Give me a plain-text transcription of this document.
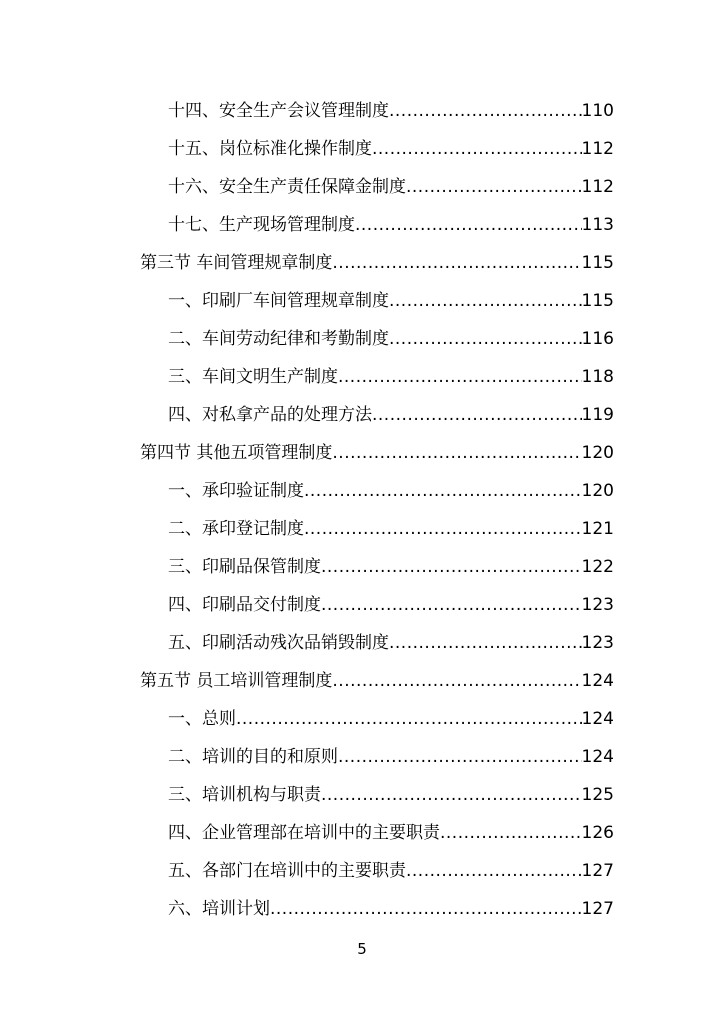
十四、安全生产会议管理制度 .....	110
十五、岗位标准化操作制度 .....	112
十六、安全生产责任保障金制度 .....	112
十七、生产现场管理制度 .....	113
第三节 车间管理规章制度 .....	115
一、印刷厂车间管理规章制度 .....	115
二、车间劳动纪律和考勤制度 .....	116
三、车间文明生产制度 .....	118
四、对私拿产品的处理方法 .....	119
第四节 其他五项管理制度 .....	120
一、承印验证制度 .....	120
二、承印登记制度 .....	121
三、印刷品保管制度 .....	122
四、印刷品交付制度 .....	123
五、印刷活动残次品销毁制度 .....	123
第五节 员工培训管理制度 .....	124
一、总则 .....	124
二、培训的目的和原则 .....	124
三、培训机构与职责 .....	125
四、企业管理部在培训中的主要职责 .....	126
五、各部门在培训中的主要职责 .....	127
六、培训计划 .....	127
5
